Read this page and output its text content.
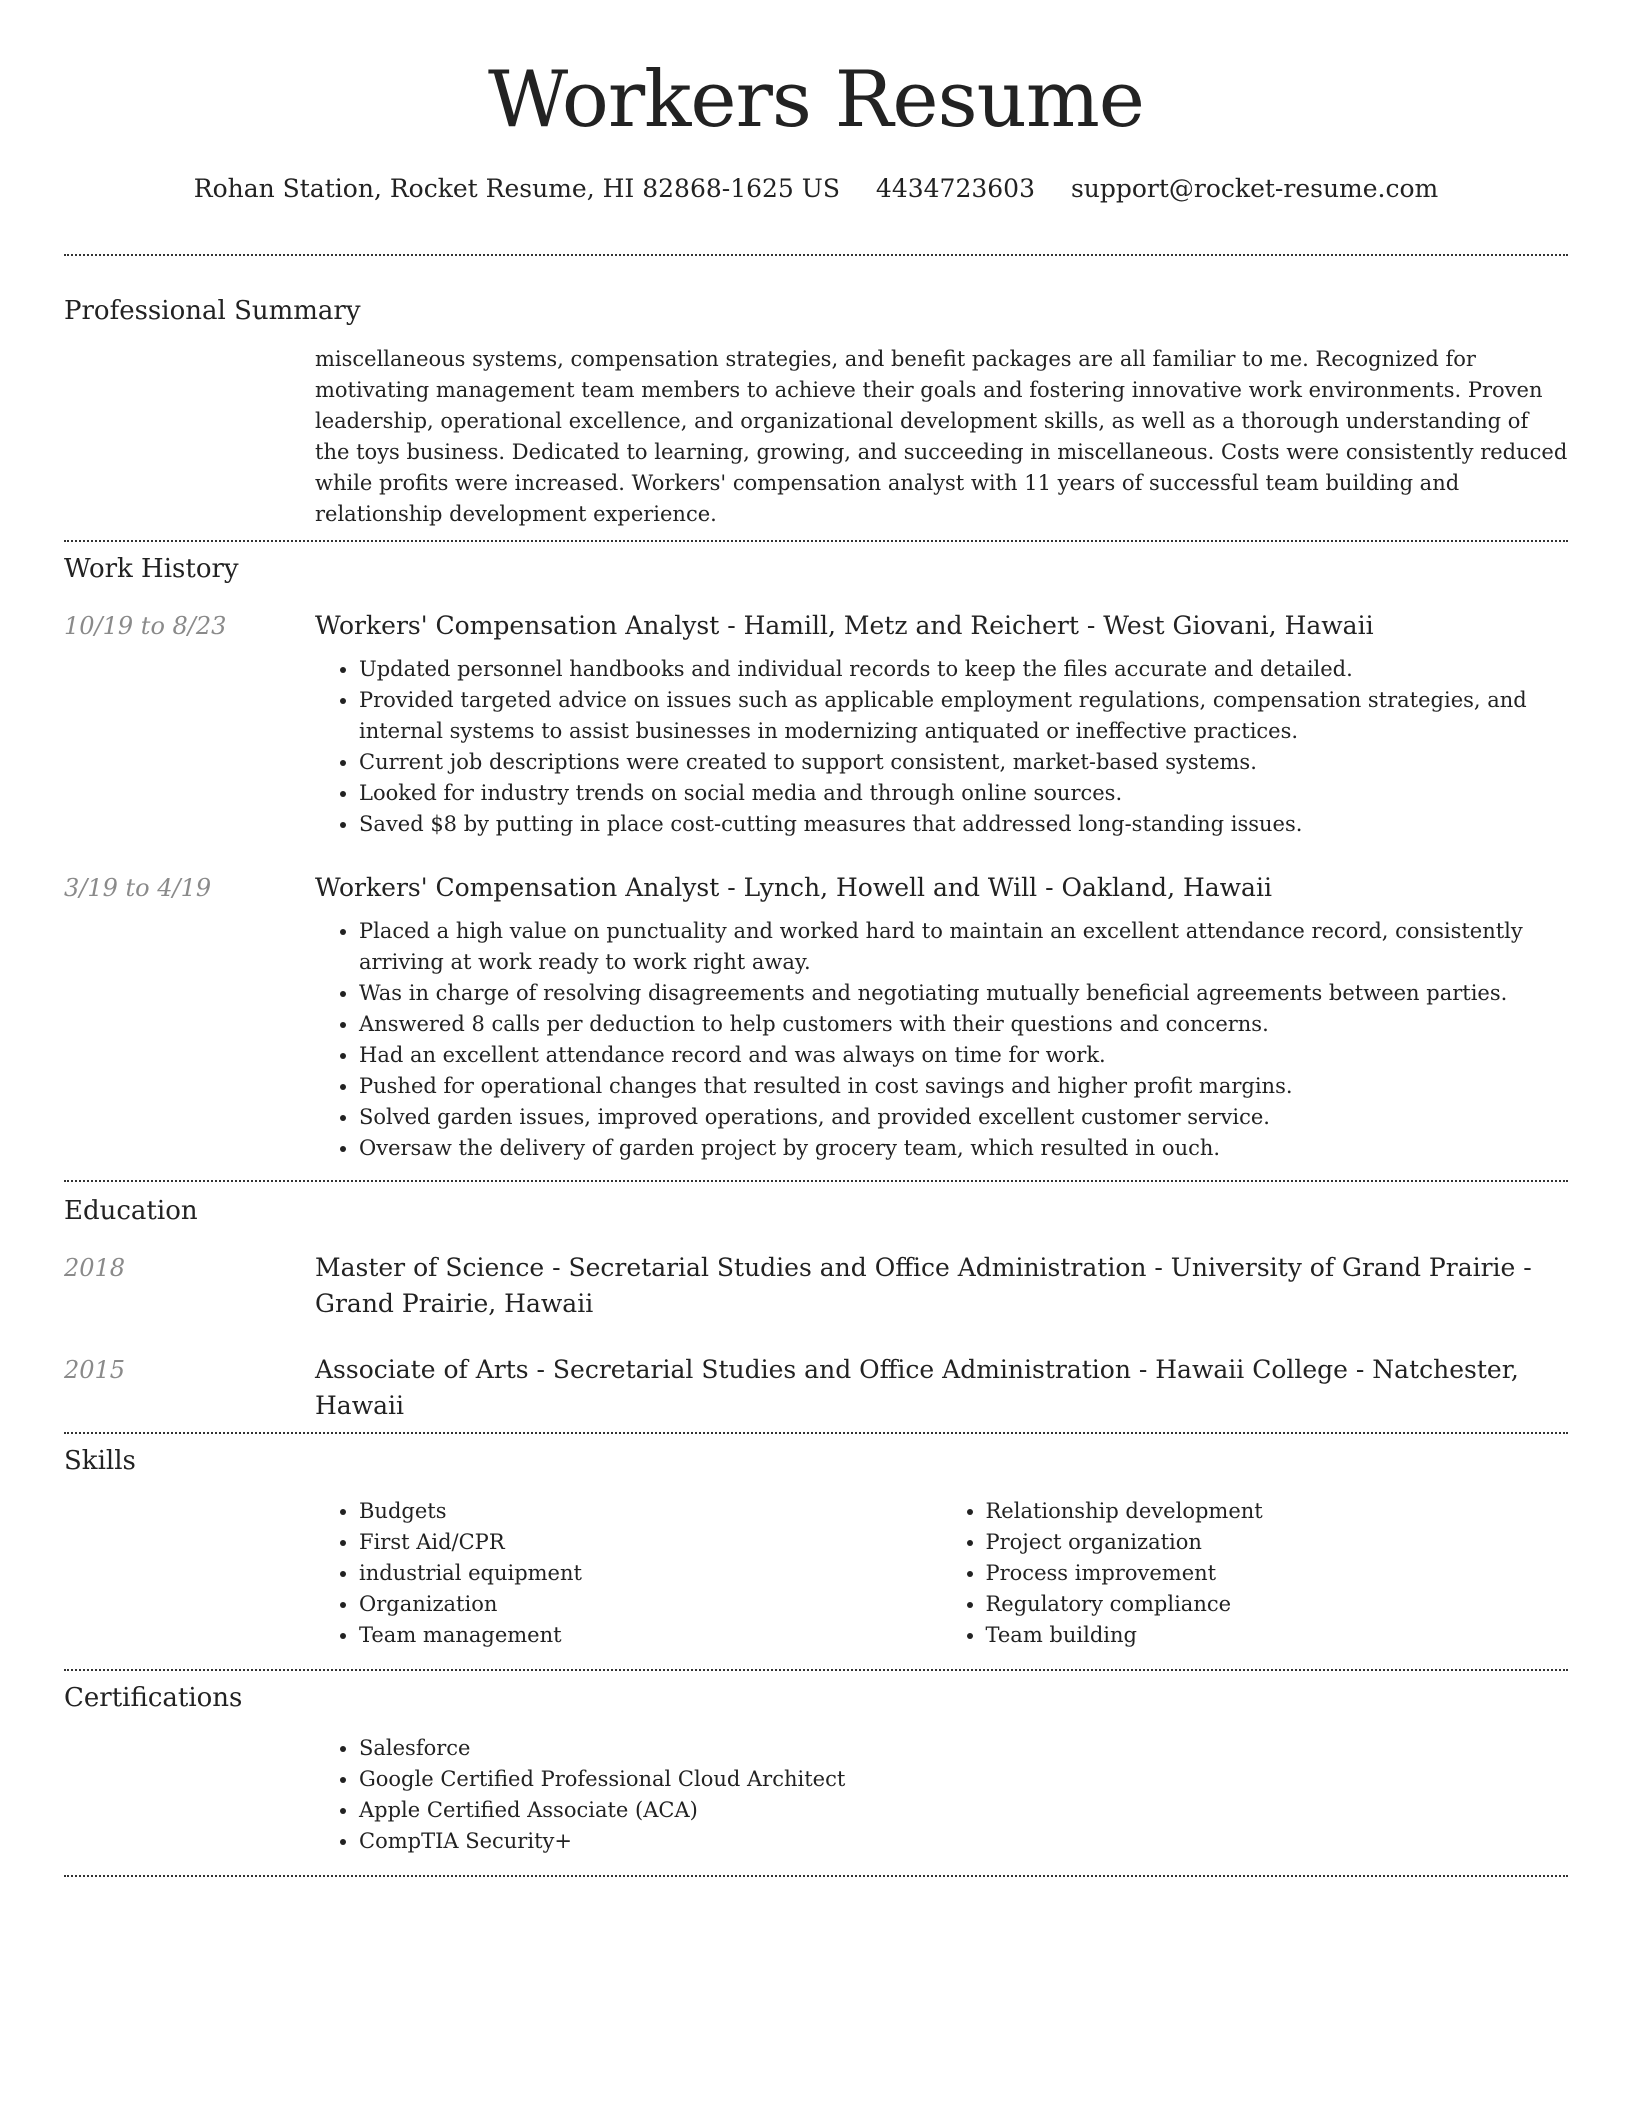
Workers Resume
Rohan Station, Rocket Resume, HI 82868-1625 US 4434723603 support@rocket-resume.com
Professional Summary

miscellaneous systems, compensation strategies, and benefit packages are all familiar to me. Recognized for motivating management team members to achieve their goals and fostering innovative work environments. Proven leadership, operational excellence, and organizational development skills, as well as a thorough understanding of the toys business. Dedicated to learning, growing, and succeeding in miscellaneous. Costs were consistently reduced while profits were increased. Workers' compensation analyst with 11 years of successful team building and relationship development experience.

Work History
10/19 to 8/23	Workers' Compensation Analyst - Hamill, Metz and Reichert - West Giovani, Hawaii

• Updated personnel handbooks and individual records to keep the files accurate and detailed.
• Provided targeted advice on issues such as applicable employment regulations, compensation strategies, and internal systems to assist businesses in modernizing antiquated or ineffective practices.
• Current job descriptions were created to support consistent, market-based systems.
• Looked for industry trends on social media and through online sources.
• Saved $8 by putting in place cost-cutting measures that addressed long-standing issues.
3/19 to 4/19	Workers' Compensation Analyst - Lynch, Howell and Will - Oakland, Hawaii

• Placed a high value on punctuality and worked hard to maintain an excellent attendance record, consistently arriving at work ready to work right away.
• Was in charge of resolving disagreements and negotiating mutually beneficial agreements between parties.
• Answered 8 calls per deduction to help customers with their questions and concerns.
• Had an excellent attendance record and was always on time for work.
• Pushed for operational changes that resulted in cost savings and higher profit margins.
• Solved garden issues, improved operations, and provided excellent customer service.
• Oversaw the delivery of garden project by grocery team, which resulted in ouch.
Education
2018	Master of Science - Secretarial Studies and Office Administration - University of Grand Prairie - Grand Prairie, Hawaii

2015	Associate of Arts - Secretarial Studies and Office Administration - Hawaii College - Natchester, Hawaii

Skills
• Budgets
• First Aid/CPR
• industrial equipment
• Organization
• Team management
• Relationship development
• Project organization
• Process improvement
• Regulatory compliance
• Team building
Certifications
• Salesforce
• Google Certified Professional Cloud Architect
• Apple Certified Associate (ACA)
• CompTIA Security+
